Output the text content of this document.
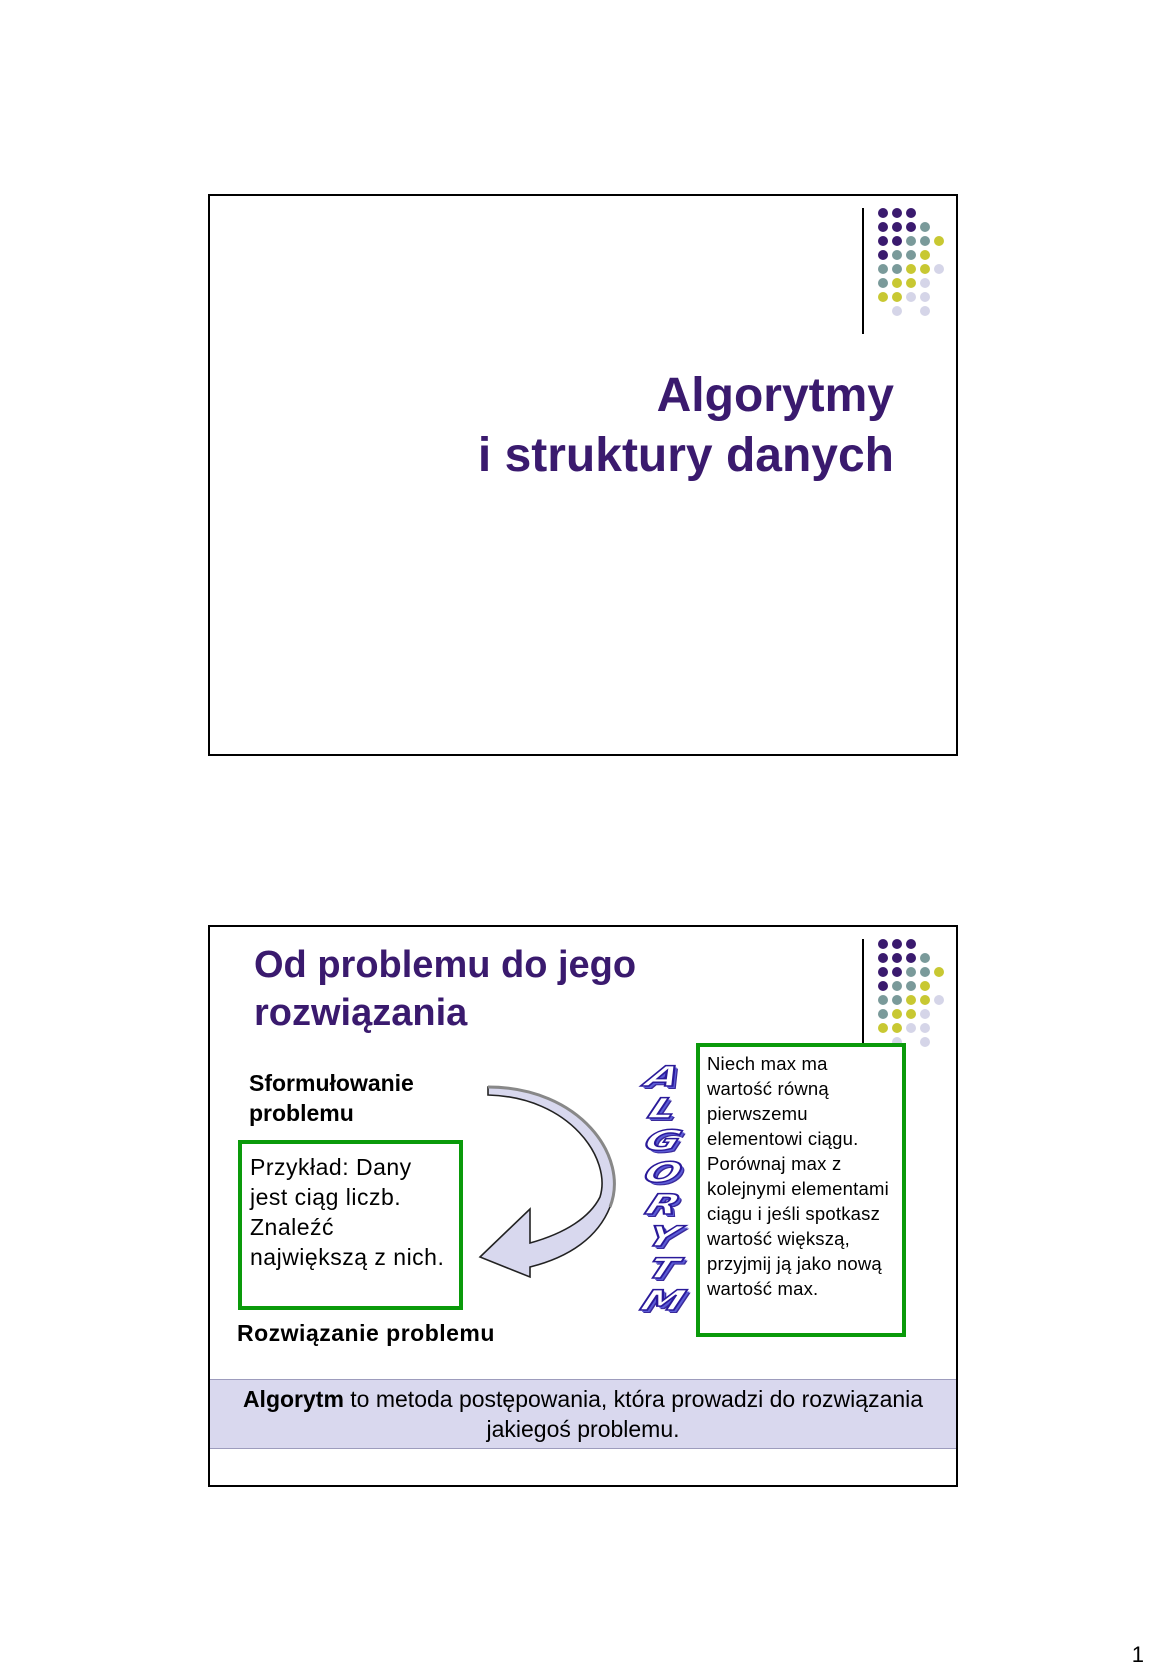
Algorytmy
i struktury danych
Od problemu do jego
rozwiązania
Sformułowanie
problemu
Przykład: Dany jest ciąg liczb. Znaleźć największą z nich.
Rozwiązanie problemu
A
L
G
O
R
Y
T
M
Niech max ma wartość równą pierwszemu elementowi ciągu. Porównaj max z kolejnymi elementami ciągu i jeśli spotkasz wartość większą, przyjmij ją jako nową wartość max.
Algorytm to metoda postępowania, która prowadzi do rozwiązania jakiegoś problemu.
1
